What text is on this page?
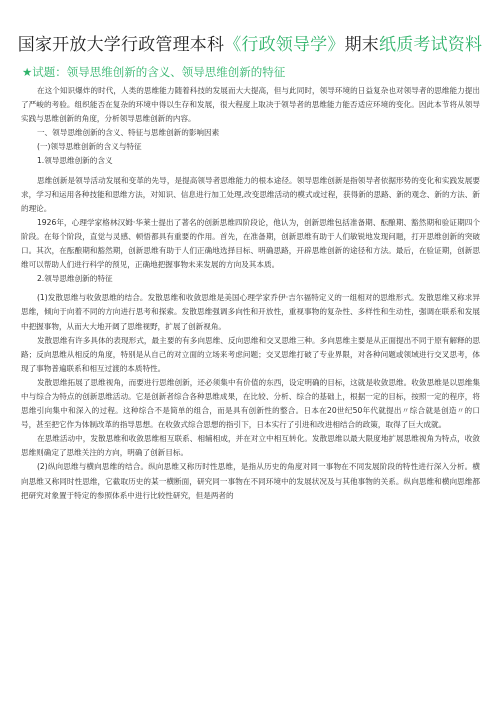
国家开放大学行政管理本科《行政领导学》期末纸质考试资料
★试题：领导思维创新的含义、领导思维创新的特征

在这个知识爆炸的时代，人类的思维能力随着科技的发展而大大提高，但与此同时，领导环境的日益复杂也对领导者的思维能力提出了严峻的考验。组织能否在复杂的环境中得以生存和发展，很大程度上取决于领导者的思维能力能否适应环境的变化。因此本节将从领导实践与思维创新的角度，分析领导思维创新的内容。

一、领导思维创新的含义、特征与思维创新的影响因素

(一)领导思维创新的含义与特征

1.领导思维创新的含义

思维创新是领导活动发展和变革的先导，是提高领导者思维能力的根本途径。领导思维创新是指领导者依据形势的变化和实践发展要求，学习和运用各种技能和思维方法，对知识、信息进行加工处理,改变思维活动的模式或过程，获得新的思路、新的观念、新的方法、新的理论。

1926年，心理学家格林汉姆·华莱士提出了著名的创新思维四阶段论，他认为，创新思维包括准备期、酝酿期、豁然期和验证期四个阶段。在每个阶段，直觉与灵感、顿悟都具有重要的作用。首先，在准备期，创新思维有助于人们敏锐地发现问题，打开思维创新的突破口。其次，在酝酿期和豁然期，创新思维有助于人们正确地选择目标、明确思路，开辟思维创新的途径和方法。最后，在验证期，创新思维可以帮助人们进行科学的预见，正确地把握事物未来发展的方向及其本质。

2.领导思维创新的特征

(1)发散思维与收敛思维的结合。发散思维和收敛思维是美国心理学家乔伊·吉尔福特定义的一组相对的思维形式。发散思维又称求异思维，倾向于向着不同的方向进行思考和探索。发散思维强调多向性和开放性，重视事物的复杂性、多样性和生动性，强调在联系和发展中把握事物，从而大大地开阔了思维视野，扩展了创新视角。

发散思维有许多具体的表现形式，最主要的有多向思维、反向思维和交叉思维三种。多向思维主要是从正面提出不同于原有解释的思路；反向思维从相反的角度，特别是从自己的对立面的立场来考虑问题；交叉思维打破了专业界限，对各种问题或领域进行交叉思考，体现了事物普遍联系和相互过渡的本质特性。

发散思维拓展了思维视角，而要进行思维创新，还必须集中有价值的东西，设定明确的目标，这就是收敛思维。收敛思维是以思维集中与综合为特点的创新思维活动。它是创新者综合各种思维成果，在比较、分析、综合的基础上，根据一定的目标，按照一定的程序，将思维引向集中和深入的过程。这种综合不是简单的组合，而是具有创新性的整合。日本在20世纪50年代就提出〃综合就是创造〃的口号，甚至把它作为体制改革的指导思想。在收敛式综合思想的指引下，日本实行了引进和改进相结合的政策，取得了巨大成就。

在思维活动中，发散思维和收敛思维相互联系、相辅相成，并在对立中相互转化。发散思维以最大限度地扩展思维视角为特点，收敛思维则确定了思维关注的方向，明确了创新目标。

(2)纵向思维与横向思维的结合。纵向思维又称历时性思维，是指从历史的角度对同一事物在不同发展阶段的特性进行深入分析。横向思维又称同时性思维，它截取历史的某一横断面，研究同一事物在不同环境中的发展状况及与其他事物的关系。纵向思维和横向思维都把研究对象置于特定的参照体系中进行比较性研究，但是两者的
